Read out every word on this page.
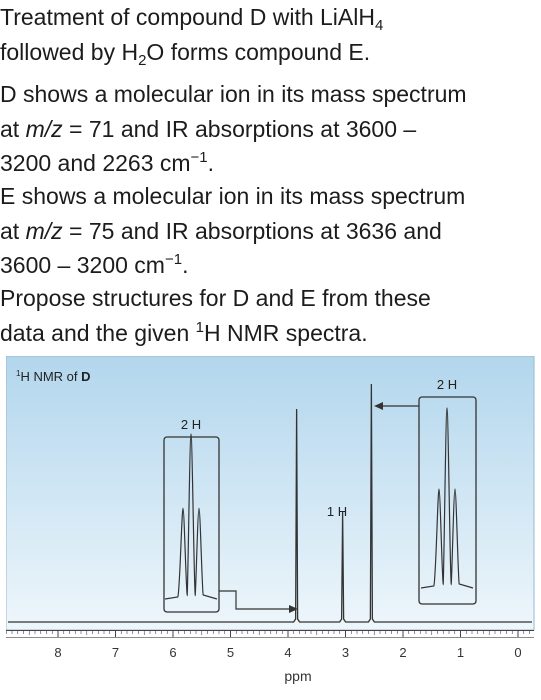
Treatment of compound D with LiAlH$_4$
followed by $H_2O$ forms compound E.
D shows a molecular ion in its mass spectrum
at m/z = 71 and IR absorptions at 3600 –
3200 and 2263 $cm^{-1}$.
E shows a molecular ion in its mass spectrum
at m/z = 75 and IR absorptions at 3636 and
3600 – 3200 $cm^{-1}$.
Propose structures for D and E from these
data and the given $^1$H NMR spectra.
8	7	6	5	4	3	2	1	0
ppm
$^1$H NMR of D
2 H
2 H
1 H
